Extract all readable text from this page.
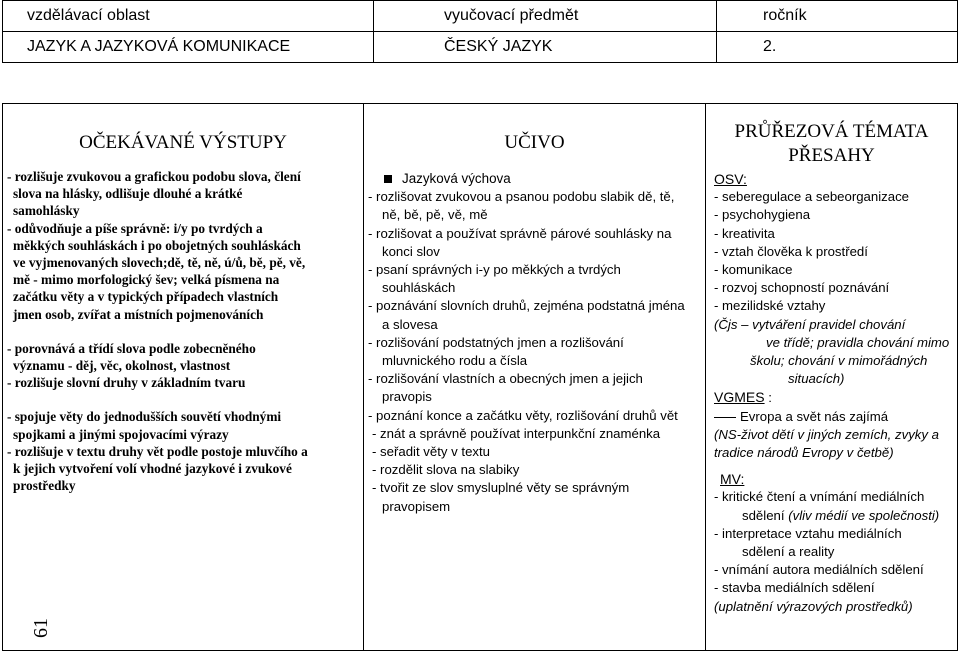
vzdělávací oblast	vyučovací předmět	ročník
JAZYK A JAZYKOVÁ KOMUNIKACE	ČESKÝ JAZYK	2.
OČEKÁVANÉ VÝSTUPY

- rozlišuje zvukovou a grafickou podobu slova, člení

slova na hlásky, odlišuje dlouhé a krátké

samohlásky

- odůvodňuje a píše správně: i/y po tvrdých a

měkkých souhláskách i po obojetných souhláskách

ve vyjmenovaných slovech;dě, tě, ně, ú/ů, bě, pě, vě,

mě - mimo morfologický šev; velká písmena na

začátku věty a v typických případech vlastních

jmen osob, zvířat a místních pojmenováních

- porovnává a třídí slova podle zobecněného

významu - děj, věc, okolnost, vlastnost

- rozlišuje slovní druhy v základním tvaru

- spojuje věty do jednodušších souvětí vhodnými

spojkami a jinými spojovacími výrazy

- rozlišuje v textu druhy vět podle postoje mluvčího a

k jejich vytvoření volí vhodné jazykové i zvukové

prostředky

UČIVO

Jazyková výchova

- rozlišovat zvukovou a psanou podobu slabik dě, tě,

ně, bě, pě, vě, mě

- rozlišovat a používat správně párové souhlásky na

konci slov

- psaní správných i-y po měkkých a tvrdých

souhláskách

- poznávání slovních druhů, zejména podstatná jména

a slovesa

- rozlišování podstatných jmen a rozlišování

mluvnického rodu a čísla

- rozlišování vlastních a obecných jmen a jejich

pravopis

- poznání konce a začátku věty, rozlišování druhů vět

- znát a správně používat interpunkční znaménka

- seřadit věty v textu

- rozdělit slova na slabiky

- tvořit ze slov smysluplné věty se správným

pravopisem

PRŮŘEZOVÁ TÉMATA PŘESAHY

OSV:

- seberegulace a sebeorganizace

- psychohygiena

- kreativita

- vztah člověka k prostředí

- komunikace

- rozvoj schopností poznávání

- mezilidské vztahy

(Čjs – vytváření pravidel chování

ve třídě; pravidla chování mimo

školu; chování v mimořádných

situacích)

VGMES :

Evropa a svět nás zajímá

(NS-život dětí v jiných zemích, zvyky a

tradice národů Evropy v četbě)

MV:

- kritické čtení a vnímání mediálních

sdělení (vliv médií ve společnosti)

- interpretace vztahu mediálních

sdělení a reality

- vnímání autora mediálních sdělení

- stavba mediálních sdělení

(uplatnění výrazových prostředků)

61
